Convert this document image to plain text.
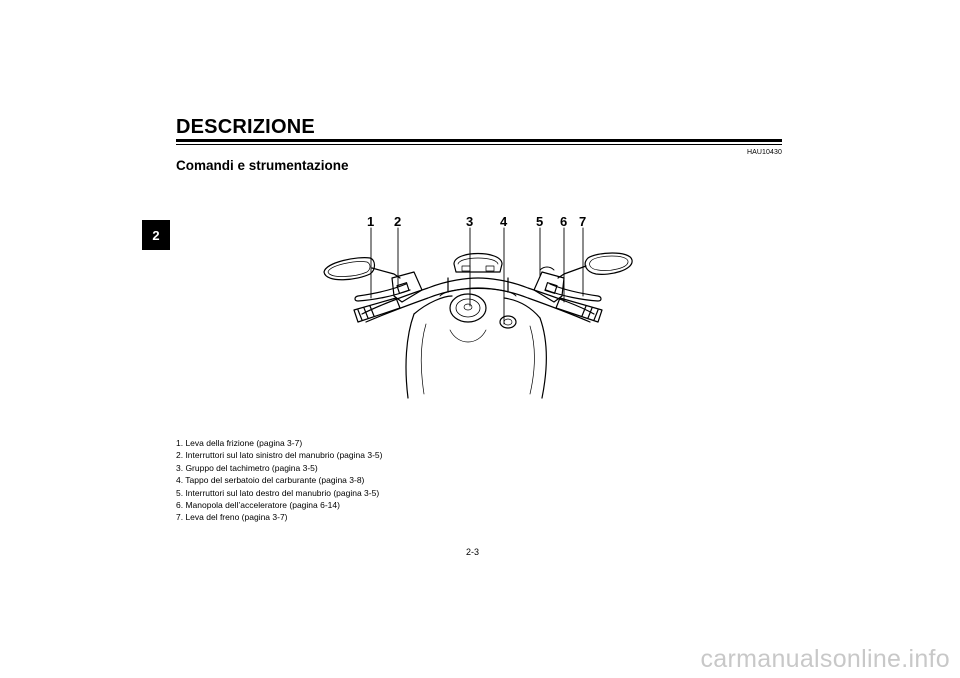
DESCRIZIONE
2
HAU10430
Comandi e strumentazione
1 2	3 4 5 6 7
1. Leva della frizione (pagina 3-7)
2. Interruttori sul lato sinistro del manubrio (pagina 3-5)
3. Gruppo del tachimetro (pagina 3-5)
4. Tappo del serbatoio del carburante (pagina 3-8)
5. Interruttori sul lato destro del manubrio (pagina 3-5)
6. Manopola dell’acceleratore (pagina 6-14)
7. Leva del freno (pagina 3-7)
2-3
carmanualsonline.info
